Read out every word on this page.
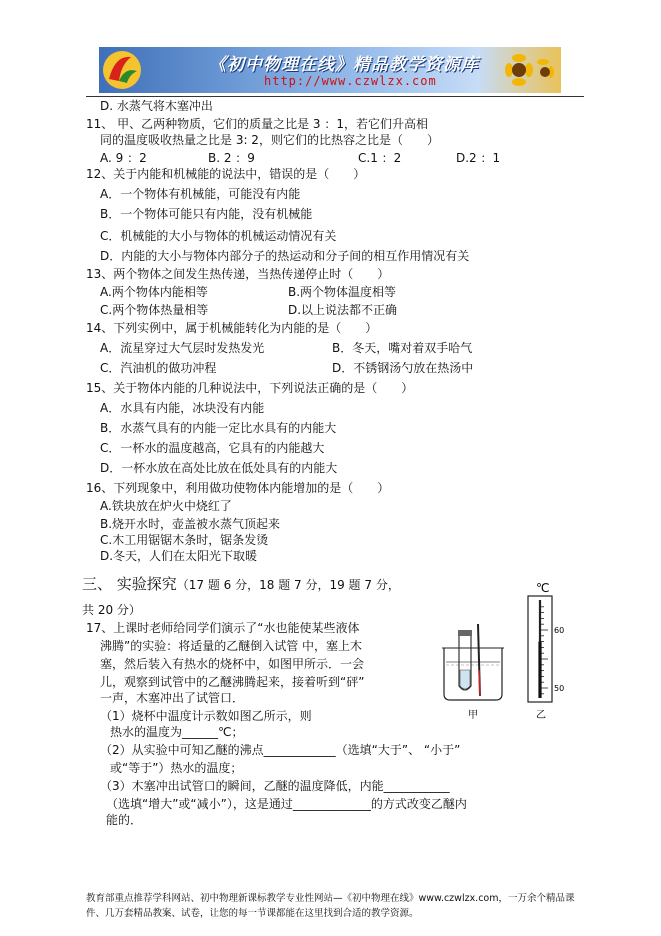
《初中物理在线》精品教学资源库
http://www.czwlzx.com
D. 水蒸气将木塞冲出
11、 甲、乙两种物质，它们的质量之比是 3 ：1，若它们升高相
同的温度吸收热量之比是 3: 2，则它们的比热容之比是（　　）
A. 9 ：2	B. 2 ：9	C.1 ：2	D.2 ：1
12、关于内能和机械能的说法中，错误的是（　　）
A．一个物体有机械能，可能没有内能
B．一个物体可能只有内能，没有机械能
C．机械能的大小与物体的机械运动情况有关
D．内能的大小与物体内部分子的热运动和分子间的相互作用情况有关
13、两个物体之间发生热传递，当热传递停止时（　　）
A.两个物体内能相等	B.两个物体温度相等
C.两个物体热量相等	D.以上说法都不正确
14、下列实例中，属于机械能转化为内能的是（　　）
A．流星穿过大气层时发热发光	B．冬天，嘴对着双手哈气
C．汽油机的做功冲程	D．不锈钢汤勺放在热汤中
15、关于物体内能的几种说法中，下列说法正确的是（　　）
A．水具有内能，冰块没有内能
B．水蒸气具有的内能一定比水具有的内能大
C．一杯水的温度越高，它具有的内能越大
D．一杯水放在高处比放在低处具有的内能大
16、下列现象中，利用做功使物体内能增加的是（　　）
A.铁块放在炉火中烧红了
B.烧开水时，壶盖被水蒸气顶起来
C.木工用锯锯木条时，锯条发烫
D.冬天，人们在太阳光下取暖
三、 实验探究（17 题 6 分，18 题 7 分，19 题 7 分，
共 20 分）
17、上课时老师给同学们演示了“水也能使某些液体
沸腾”的实验：将适量的乙醚倒入试管 中，塞上木
塞，然后装入有热水的烧杯中，如图甲所示．一会
儿，观察到试管中的乙醚沸腾起来，接着听到“砰”
一声，木塞冲出了试管口．
（1）烧杯中温度计示数如图乙所示，则
热水的温度为______℃；
（2）从实验中可知乙醚的沸点____________（选填“大于”、 “小于”
或“等于”）热水的温度；
（3）木塞冲出试管口的瞬间，乙醚的温度降低，内能___________
（选填“增大”或“减小”），这是通过_____________的方式改变乙醚内
能的．
甲
℃
60
50
乙
教育部重点推荐学科网站、初中物理新课标教学专业性网站—《初中物理在线》www.czwlzx.com，一万余个精品课
件、几万套精品教案、试卷，让您的每一节课都能在这里找到合适的教学资源。
